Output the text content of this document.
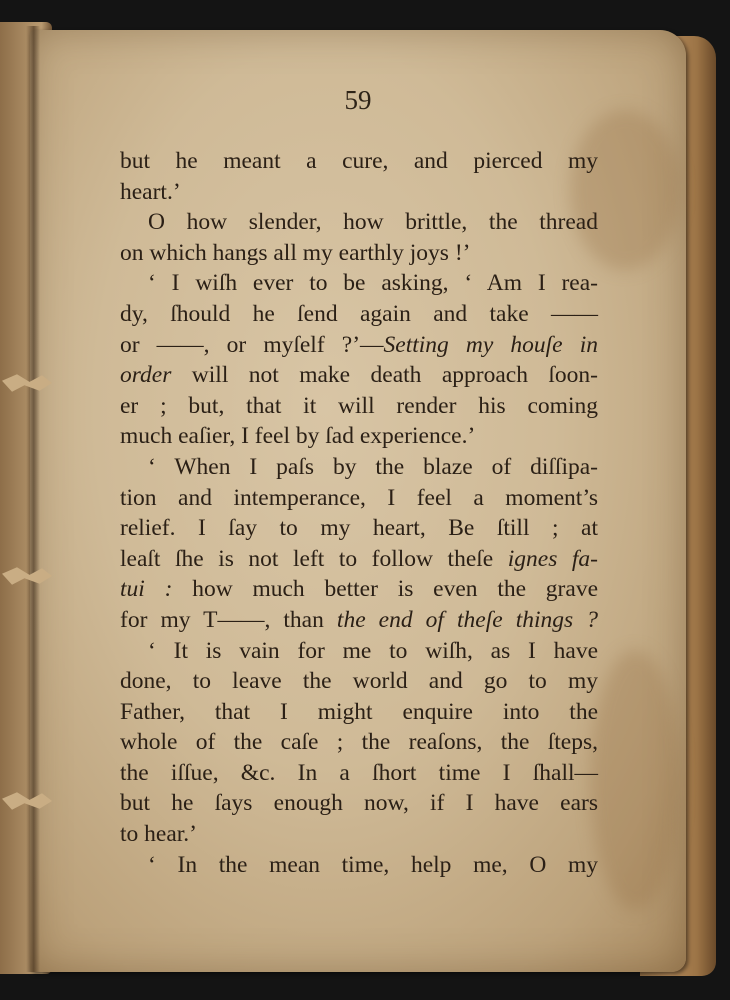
59
but he meant a cure, and pierced my
heart.’
O how slender, how brittle, the thread
on which hangs all my earthly joys !’
‘ I wiſh ever to be asking, ‘ Am I rea-
dy, ſhould he ſend again and take ——
or ——, or myſelf ?’—Setting my houſe in
order will not make death approach ſoon-
er ; but, that it will render his coming
much eaſier, I feel by ſad experience.’
‘ When I paſs by the blaze of diſſipa-
tion and intemperance, I feel a moment’s
relief. I ſay to my heart, Be ſtill ; at
leaſt ſhe is not left to follow theſe ignes fa-
tui : how much better is even the grave
for my T——, than the end of theſe things ?
‘ It is vain for me to wiſh, as I have
done, to leave the world and go to my
Father, that I might enquire into the
whole of the caſe ; the reaſons, the ſteps,
the iſſue, &c. In a ſhort time I ſhall—
but he ſays enough now, if I have ears
to hear.’
‘ In the mean time, help me, O my
